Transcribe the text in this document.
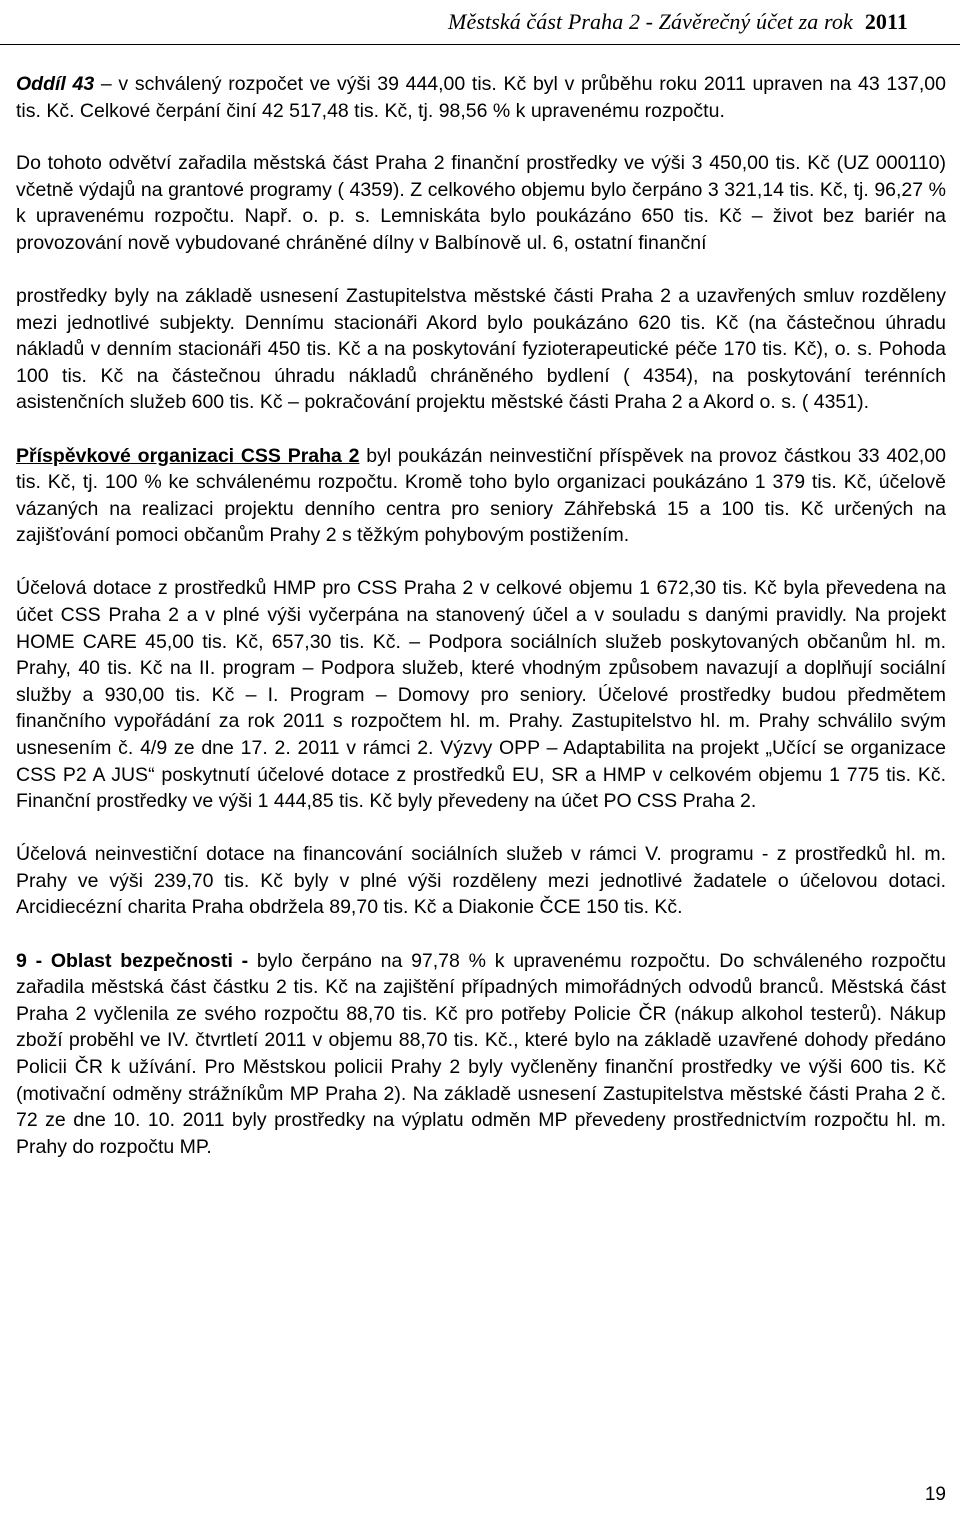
Městská část Praha 2 - Závěrečný účet za rok 2011

Oddíl 43 – v schválený rozpočet ve výši 39 444,00 tis. Kč byl v průběhu roku 2011 upraven na 43 137,00 tis. Kč. Celkové čerpání činí 42 517,48 tis. Kč, tj. 98,56 % k upravenému rozpočtu.

Do tohoto odvětví zařadila městská část Praha 2 finanční prostředky ve výši 3 450,00 tis. Kč (UZ 000110) včetně výdajů na grantové programy ( 4359). Z celkového objemu bylo čerpáno 3 321,14 tis. Kč, tj. 96,27 % k upravenému rozpočtu. Např. o. p. s. Lemniskáta bylo poukázáno 650 tis. Kč – život bez bariér na provozování nově vybudované chráněné dílny v Balbínově ul. 6, ostatní finanční

prostředky byly na základě usnesení Zastupitelstva městské části Praha 2 a uzavřených smluv rozděleny mezi jednotlivé subjekty. Dennímu stacionáři Akord bylo poukázáno 620 tis. Kč (na částečnou úhradu nákladů v denním stacionáři 450 tis. Kč a na poskytování fyzioterapeutické péče 170 tis. Kč), o. s. Pohoda 100 tis. Kč na částečnou úhradu nákladů chráněného bydlení ( 4354), na poskytování terénních asistenčních služeb 600 tis. Kč – pokračování projektu městské části Praha 2 a Akord o. s. ( 4351).

Příspěvkové organizaci CSS Praha 2 byl poukázán neinvestiční příspěvek na provoz částkou 33 402,00 tis. Kč, tj. 100 % ke schválenému rozpočtu. Kromě toho bylo organizaci poukázáno 1 379 tis. Kč, účelově vázaných na realizaci projektu denního centra pro seniory Záhřebská 15 a 100 tis. Kč určených na zajišťování pomoci občanům Prahy 2 s těžkým pohybovým postižením.

Účelová dotace z prostředků HMP pro CSS Praha 2 v celkové objemu 1 672,30 tis. Kč byla převedena na účet CSS Praha 2 a v plné výši vyčerpána na stanovený účel a v souladu s danými pravidly. Na projekt HOME CARE 45,00 tis. Kč, 657,30 tis. Kč. – Podpora sociálních služeb poskytovaných občanům hl. m. Prahy, 40 tis. Kč na II. program – Podpora služeb, které vhodným způsobem navazují a doplňují sociální služby a 930,00 tis. Kč – I. Program – Domovy pro seniory. Účelové prostředky budou předmětem finančního vypořádání za rok 2011 s rozpočtem hl. m. Prahy. Zastupitelstvo hl. m. Prahy schválilo svým usnesením č. 4/9 ze dne 17. 2. 2011 v rámci 2. Výzvy OPP – Adaptabilita na projekt „Učící se organizace CSS P2 A JUS“ poskytnutí účelové dotace z prostředků EU, SR a HMP v celkovém objemu 1 775 tis. Kč. Finanční prostředky ve výši 1 444,85 tis. Kč byly převedeny na účet PO CSS Praha 2.

Účelová neinvestiční dotace na financování sociálních služeb v rámci V. programu - z prostředků hl. m. Prahy ve výši 239,70 tis. Kč byly v plné výši rozděleny mezi jednotlivé žadatele o účelovou dotaci. Arcidiecézní charita Praha obdržela 89,70 tis. Kč a Diakonie ČCE 150 tis. Kč.

9 - Oblast bezpečnosti - bylo čerpáno na 97,78 % k upravenému rozpočtu. Do schváleného rozpočtu zařadila městská část částku 2 tis. Kč na zajištění případných mimořádných odvodů branců. Městská část Praha 2 vyčlenila ze svého rozpočtu 88,70 tis. Kč pro potřeby Policie ČR (nákup alkohol testerů). Nákup zboží proběhl ve IV. čtvrtletí 2011 v objemu 88,70 tis. Kč., které bylo na základě uzavřené dohody předáno Policii ČR k užívání. Pro Městskou policii Prahy 2 byly vyčleněny finanční prostředky ve výši 600 tis. Kč (motivační odměny strážníkům MP Praha 2). Na základě usnesení Zastupitelstva městské části Praha 2 č. 72 ze dne 10. 10. 2011 byly prostředky na výplatu odměn MP převedeny prostřednictvím rozpočtu hl. m. Prahy do rozpočtu MP.

19
